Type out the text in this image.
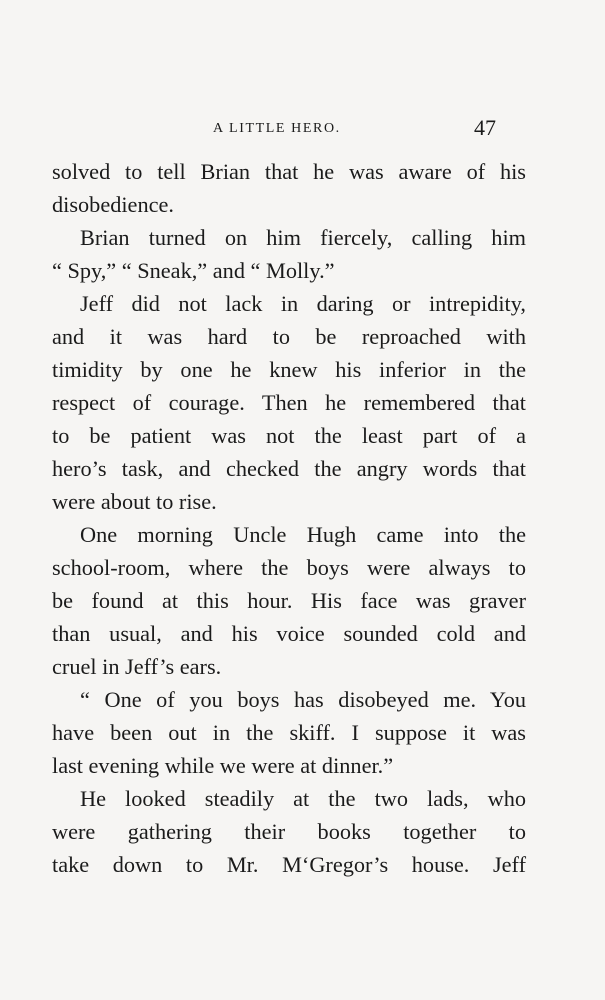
A LITTLE HERO.	47
solved to tell Brian that he was aware of his
disobedience.
Brian turned on him fiercely, calling him
“ Spy,” “ Sneak,” and “ Molly.”
Jeff did not lack in daring or intrepidity,
and it was hard to be reproached with
timidity by one he knew his inferior in the
respect of courage. Then he remembered that
to be patient was not the least part of a
hero’s task, and checked the angry words that
were about to rise.
One morning Uncle Hugh came into the
school-room, where the boys were always to
be found at this hour. His face was graver
than usual, and his voice sounded cold and
cruel in Jeff’s ears.
“ One of you boys has disobeyed me. You
have been out in the skiff. I suppose it was
last evening while we were at dinner.”
He looked steadily at the two lads, who
were gathering their books together to
take down to Mr. M‘Gregor’s house. Jeff
